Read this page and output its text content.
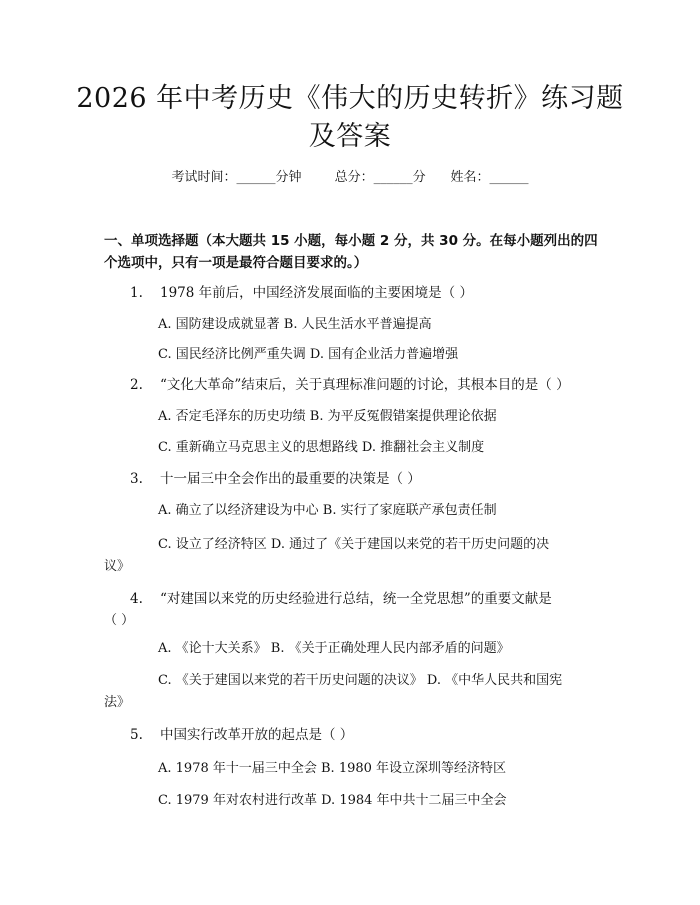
2026 年中考历史《伟大的历史转折》练习题
及答案
考试时间：______分钟	总分：______分 姓名：______
一、单项选择题（本大题共 15 小题，每小题 2 分，共 30 分。在每小题列出的四
个选项中，只有一项是最符合题目要求的。）
1. 1978 年前后，中国经济发展面临的主要困境是（ ）
A. 国防建设成就显著 B. 人民生活水平普遍提高
C. 国民经济比例严重失调 D. 国有企业活力普遍增强
2. “文化大革命”结束后，关于真理标准问题的讨论，其根本目的是（ ）
A. 否定毛泽东的历史功绩 B. 为平反冤假错案提供理论依据
C. 重新确立马克思主义的思想路线 D. 推翻社会主义制度
3. 十一届三中全会作出的最重要的决策是（ ）
A. 确立了以经济建设为中心 B. 实行了家庭联产承包责任制
C. 设立了经济特区 D. 通过了《关于建国以来党的若干历史问题的决
议》
4. “对建国以来党的历史经验进行总结，统一全党思想”的重要文献是
（ ）
A. 《论十大关系》 B. 《关于正确处理人民内部矛盾的问题》
C. 《关于建国以来党的若干历史问题的决议》 D. 《中华人民共和国宪
法》
5. 中国实行改革开放的起点是（ ）
A. 1978 年十一届三中全会 B. 1980 年设立深圳等经济特区
C. 1979 年对农村进行改革 D. 1984 年中共十二届三中全会
